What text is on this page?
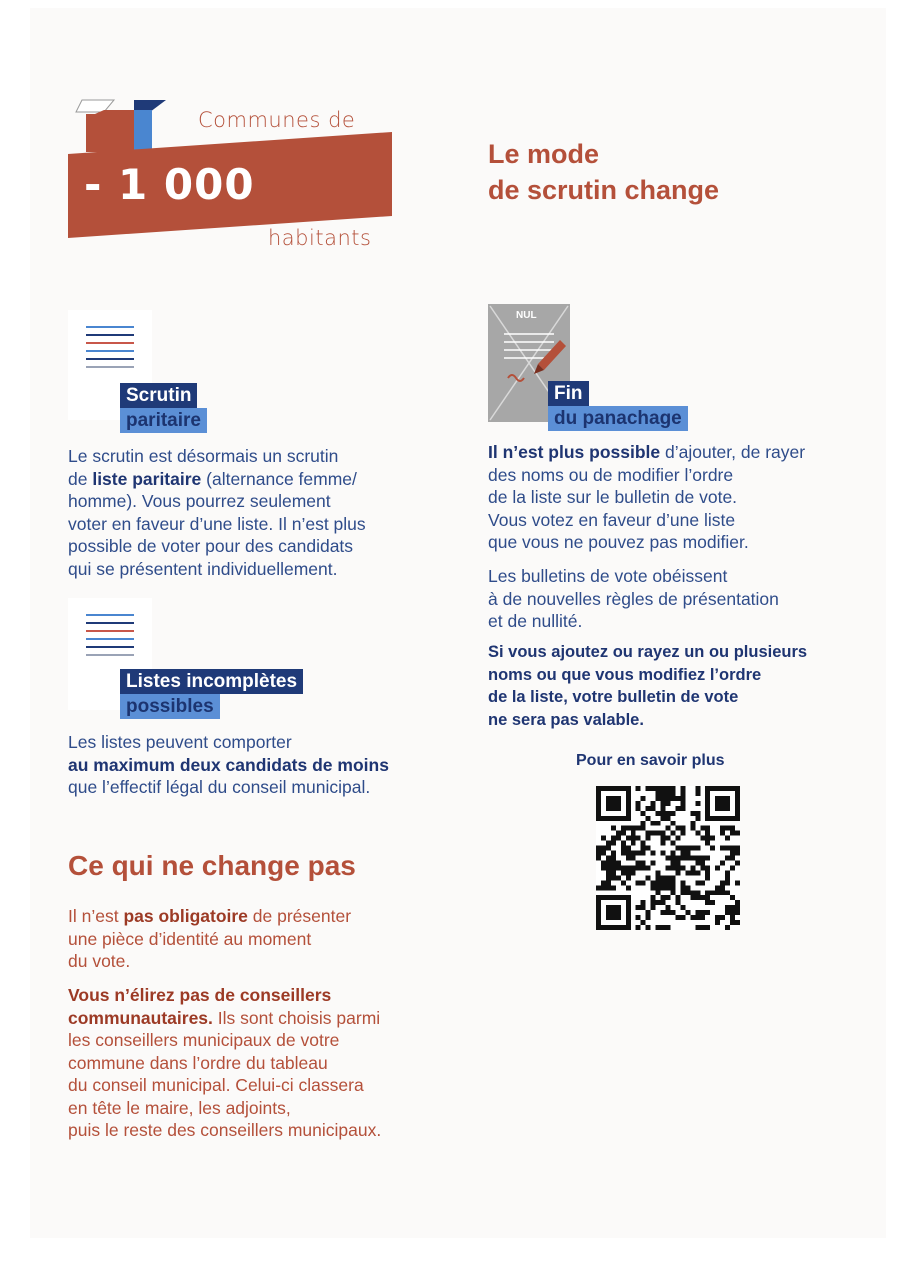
Communes de
- 1 000
habitants
Le mode
de scrutin change
Scrutin
paritaire
Le scrutin est désormais un scrutin
de liste paritaire (alternance femme/
homme). Vous pourrez seulement
voter en faveur d’une liste. Il n’est plus
possible de voter pour des candidats
qui se présentent individuellement.
Listes incomplètes
possibles
Les listes peuvent comporter
au maximum deux candidats de moins
que l’effectif légal du conseil municipal.
NUL
Fin
du panachage
Il n’est plus possible d’ajouter, de rayer
des noms ou de modifier l’ordre
de la liste sur le bulletin de vote.
Vous votez en faveur d’une liste
que vous ne pouvez pas modifier.
Les bulletins de vote obéissent
à de nouvelles règles de présentation
et de nullité.
Si vous ajoutez ou rayez un ou plusieurs
noms ou que vous modifiez l’ordre
de la liste, votre bulletin de vote
ne sera pas valable.
Pour en savoir plus
Ce qui ne change pas
Il n’est pas obligatoire de présenter
une pièce d’identité au moment
du vote.
Vous n’élirez pas de conseillers
communautaires. Ils sont choisis parmi
les conseillers municipaux de votre
commune dans l’ordre du tableau
du conseil municipal. Celui-ci classera
en tête le maire, les adjoints,
puis le reste des conseillers municipaux.
